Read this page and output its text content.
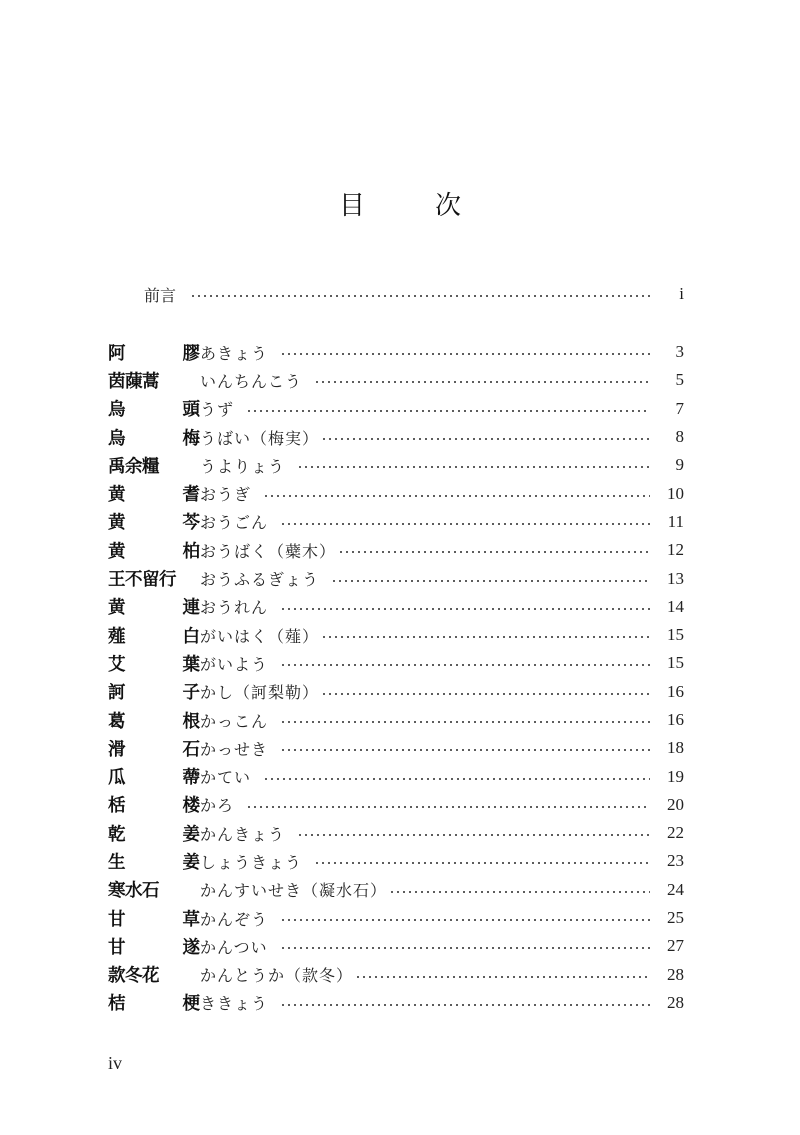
目　次
前言	i
阿	膠 あきょう	3
茵蔯蒿	いんちんこう	5
烏	頭 うず	7
烏	梅 うばい（梅実）	8
禹余糧	うよりょう	9
黄	耆 おうぎ	10
黄	芩 おうごん	11
黄	柏 おうばく（蘗木）	12
王不留行 おうふるぎょう	13
黄	連 おうれん	14
薤	白 がいはく（薤）	15
艾	葉 がいよう	15
訶	子 かし（訶梨勒）	16
葛	根 かっこん	16
滑	石 かっせき	18
瓜	蔕 かてい	19
栝	楼 かろ	20
乾	姜 かんきょう	22
生	姜 しょうきょう	23
寒水石	かんすいせき（凝水石）	24
甘	草 かんぞう	25
甘	遂 かんつい	27
款冬花	かんとうか（款冬）	28
桔	梗 ききょう	28
iv
